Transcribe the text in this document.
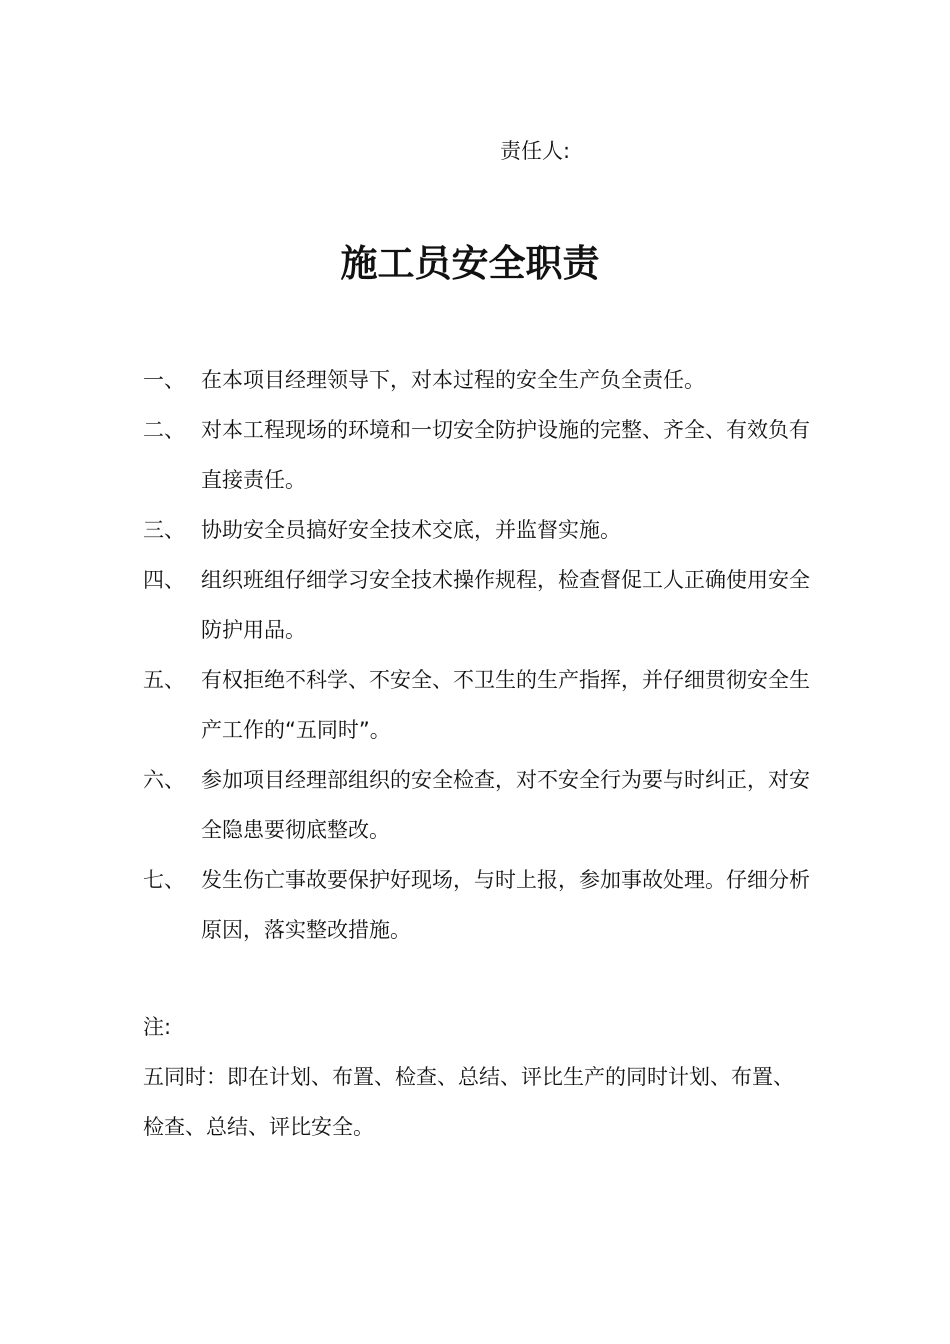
责任人:
施工员安全职责
一、 在本项目经理领导下，对本过程的安全生产负全责任。
二、 对本工程现场的环境和一切安全防护设施的完整、齐全、有效负有直接责任。
三、 协助安全员搞好安全技术交底，并监督实施。
四、 组织班组仔细学习安全技术操作规程，检查督促工人正确使用安全防护用品。
五、 有权拒绝不科学、不安全、不卫生的生产指挥，并仔细贯彻安全生产工作的“五同时”。
六、 参加项目经理部组织的安全检查，对不安全行为要与时纠正，对安全隐患要彻底整改。
七、 发生伤亡事故要保护好现场，与时上报，参加事故处理。仔细分析原因，落实整改措施。
注:
五同时：即在计划、布置、检查、总结、评比生产的同时计划、布置、检查、总结、评比安全。
